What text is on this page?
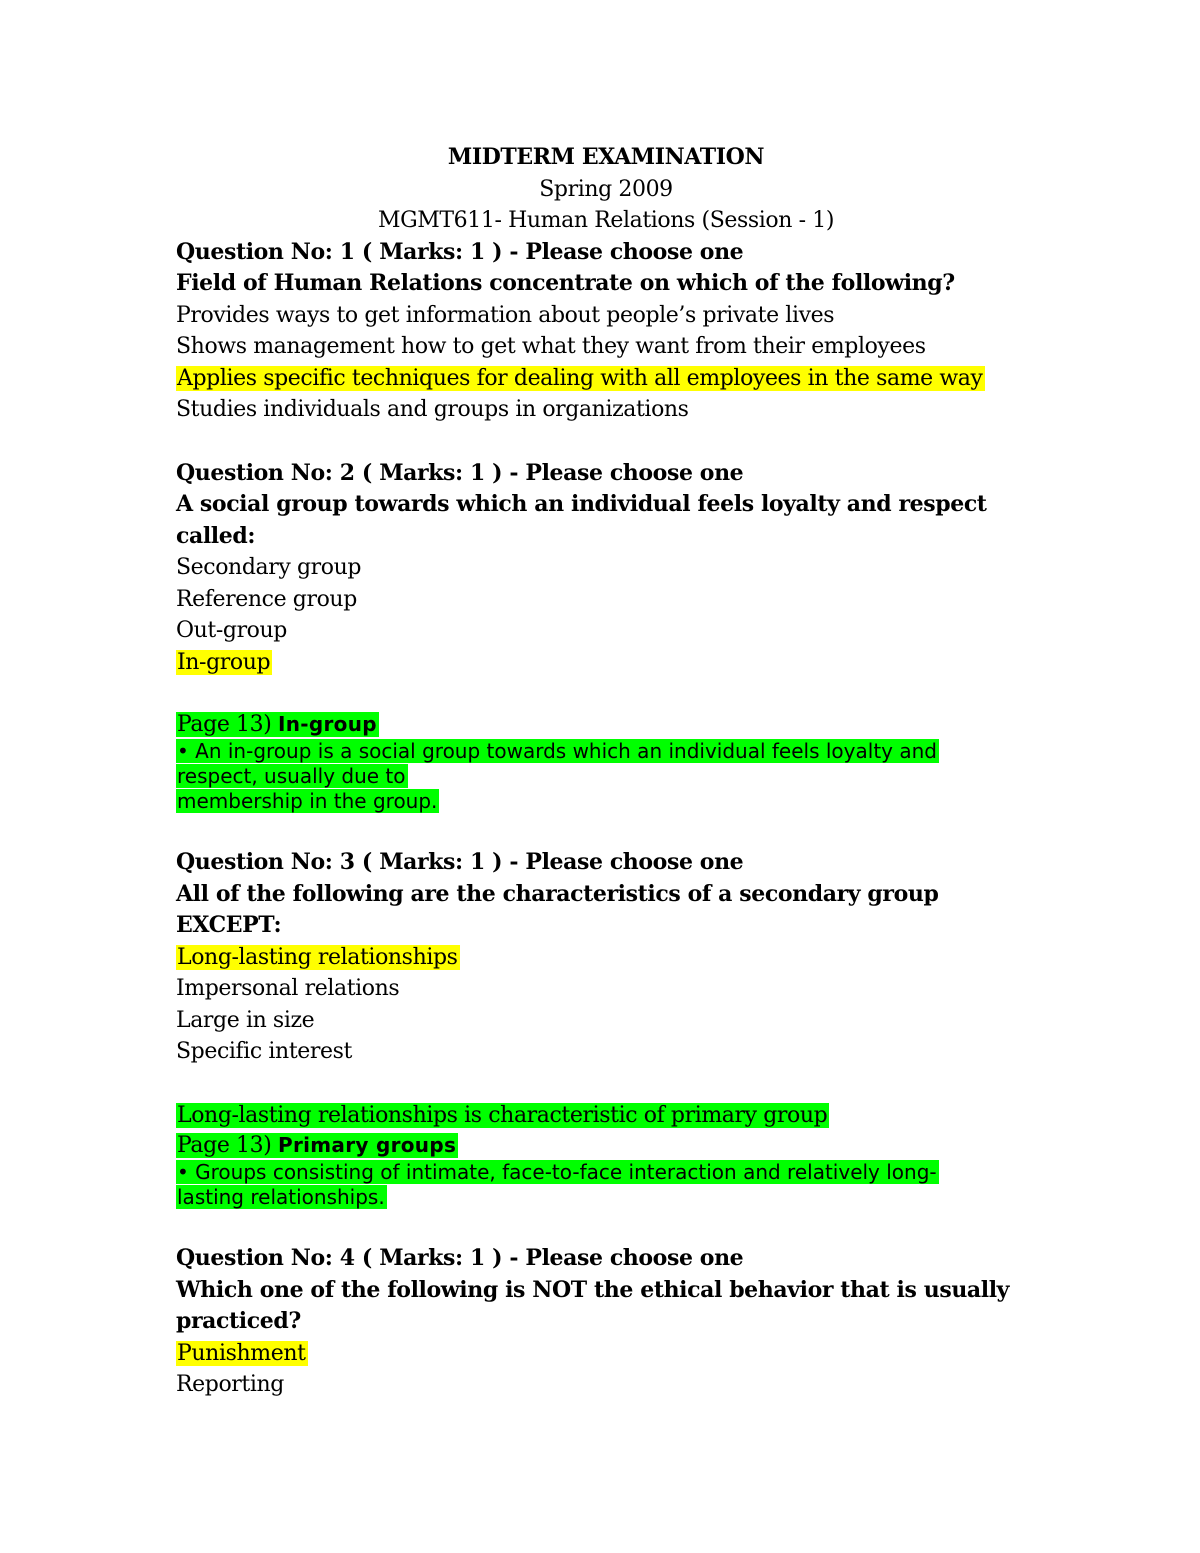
MIDTERM EXAMINATION
Spring 2009
MGMT611- Human Relations (Session - 1)
Question No: 1 ( Marks: 1 ) - Please choose one
Field of Human Relations concentrate on which of the following?
Provides ways to get information about people’s private lives
Shows management how to get what they want from their employees
Applies specific techniques for dealing with all employees in the same way
Studies individuals and groups in organizations
Question No: 2 ( Marks: 1 ) - Please choose one
A social group towards which an individual feels loyalty and respect
called:
Secondary group
Reference group
Out-group
In-group
Page 13) In-group
• An in-group is a social group towards which an individual feels loyalty and
respect, usually due to
membership in the group.
Question No: 3 ( Marks: 1 ) - Please choose one
All of the following are the characteristics of a secondary group
EXCEPT:
Long-lasting relationships
Impersonal relations
Large in size
Specific interest
Long-lasting relationships is characteristic of primary group
Page 13) Primary groups
• Groups consisting of intimate, face-to-face interaction and relatively long-
lasting relationships.
Question No: 4 ( Marks: 1 ) - Please choose one
Which one of the following is NOT the ethical behavior that is usually
practiced?
Punishment
Reporting
